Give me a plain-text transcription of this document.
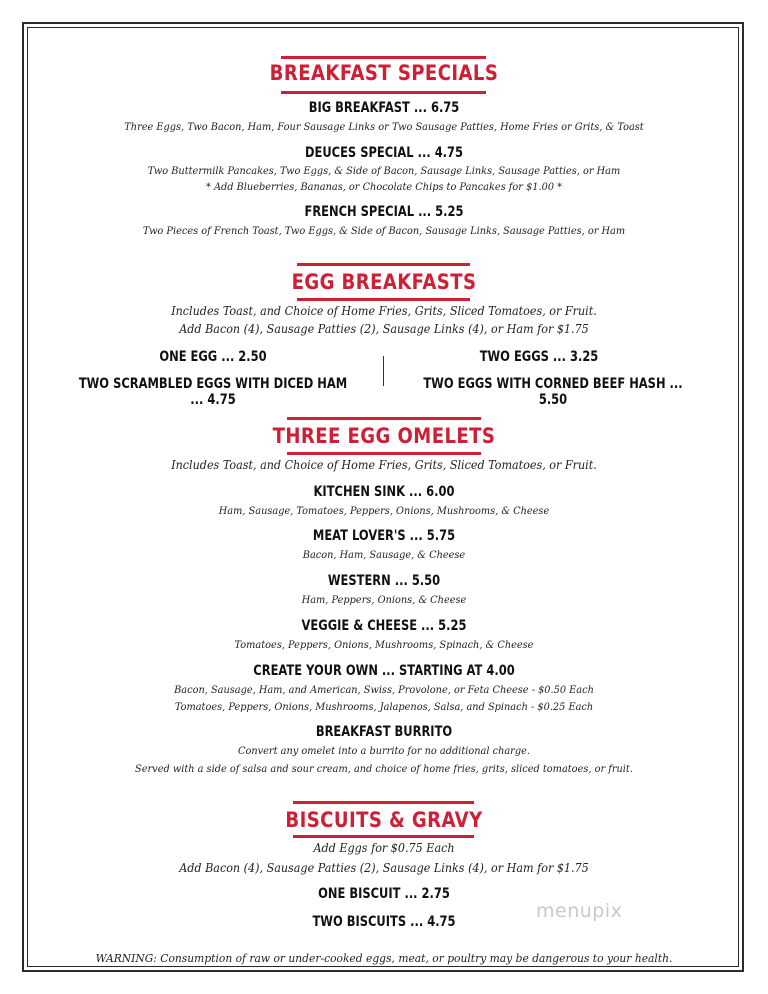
BREAKFAST SPECIALS
BIG BREAKFAST ... 6.75
Three Eggs, Two Bacon, Ham, Four Sausage Links or Two Sausage Patties, Home Fries or Grits, & Toast
DEUCES SPECIAL ... 4.75
Two Buttermilk Pancakes, Two Eggs, & Side of Bacon, Sausage Links, Sausage Patties, or Ham
* Add Blueberries, Bananas, or Chocolate Chips to Pancakes for $1.00 *
FRENCH SPECIAL ... 5.25
Two Pieces of French Toast, Two Eggs, & Side of Bacon, Sausage Links, Sausage Patties, or Ham
EGG BREAKFASTS
Includes Toast, and Choice of Home Fries, Grits, Sliced Tomatoes, or Fruit.
Add Bacon (4), Sausage Patties (2), Sausage Links (4), or Ham for $1.75
ONE EGG ... 2.50
TWO SCRAMBLED EGGS WITH DICED HAM ... 4.75
TWO EGGS ... 3.25
TWO EGGS WITH CORNED BEEF HASH ... 5.50
THREE EGG OMELETS
Includes Toast, and Choice of Home Fries, Grits, Sliced Tomatoes, or Fruit.
KITCHEN SINK ... 6.00
Ham, Sausage, Tomatoes, Peppers, Onions, Mushrooms, & Cheese
MEAT LOVER'S ... 5.75
Bacon, Ham, Sausage, & Cheese
WESTERN ... 5.50
Ham, Peppers, Onions, & Cheese
VEGGIE & CHEESE ... 5.25
Tomatoes, Peppers, Onions, Mushrooms, Spinach, & Cheese
CREATE YOUR OWN ... STARTING AT 4.00
Bacon, Sausage, Ham, and American, Swiss, Provolone, or Feta Cheese - $0.50 Each
Tomatoes, Peppers, Onions, Mushrooms, Jalapenos, Salsa, and Spinach - $0.25 Each
BREAKFAST BURRITO
Convert any omelet into a burrito for no additional charge.
Served with a side of salsa and sour cream, and choice of home fries, grits, sliced tomatoes, or fruit.
BISCUITS & GRAVY
Add Eggs for $0.75 Each
Add Bacon (4), Sausage Patties (2), Sausage Links (4), or Ham for $1.75
ONE BISCUIT ... 2.75
TWO BISCUITS ... 4.75	menupix
WARNING: Consumption of raw or under-cooked eggs, meat, or poultry may be dangerous to your health.
